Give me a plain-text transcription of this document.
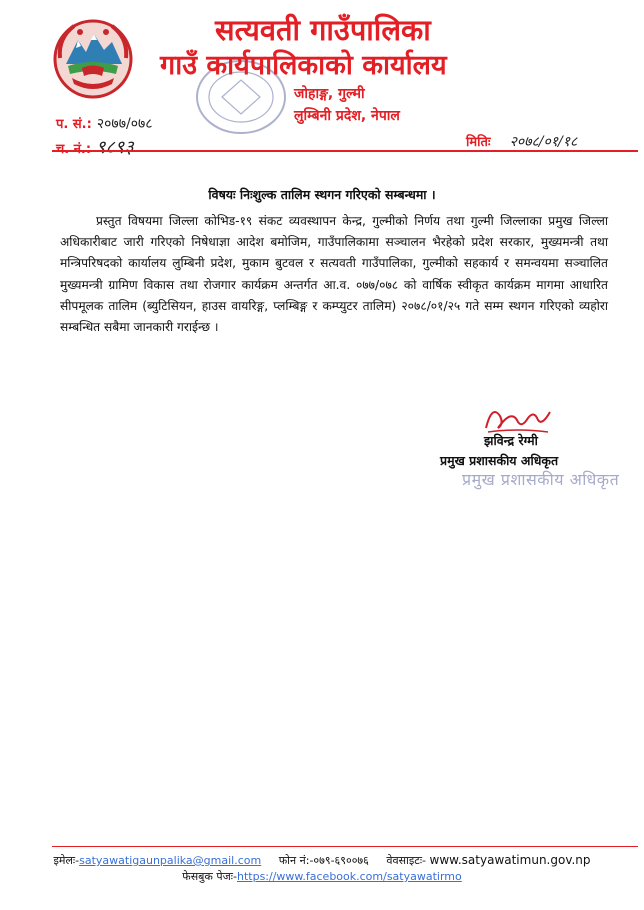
सत्यवती गाउँपालिका
गाउँ कार्यपालिकाको कार्यालय
जोहाङ्ग, गुल्मी
लुम्बिनी प्रदेश, नेपाल
प. सं.: २०७७/०७८
च. नं.: ९८९३	मितिः २०७८/०१/१८
विषयः निःशुल्क तालिम स्थगन गरिएको सम्बन्धमा ।
प्रस्तुत विषयमा जिल्ला कोभिड-१९ संकट व्यवस्थापन केन्द्र, गुल्मीको निर्णय तथा गुल्मी जिल्लाका प्रमुख जिल्ला अधिकारीबाट जारी गरिएको निषेधाज्ञा आदेश बमोजिम, गाउँपालिकामा सञ्चालन भैरहेको प्रदेश सरकार, मुख्यमन्त्री तथा मन्त्रिपरिषदको कार्यालय लुम्बिनी प्रदेश, मुकाम बुटवल र सत्यवती गाउँपालिका, गुल्मीको सहकार्य र समन्वयमा सञ्चालित मुख्यमन्त्री ग्रामिण विकास तथा रोजगार कार्यक्रम अन्तर्गत आ.व. ०७७/०७८ को वार्षिक स्वीकृत कार्यक्रम मागमा आधारित सीपमूलक तालिम (ब्युटिसियन, हाउस वायरिङ्ग, प्लम्बिङ्ग र कम्प्युटर तालिम) २०७८/०१/२५ गते सम्म स्थगन गरिएको व्यहोरा सम्बन्धित सबैमा जानकारी गराईन्छ ।
झविन्द्र रेग्मी
प्रमुख प्रशासकीय अधिकृत
प्रमुख प्रशासकीय अधिकृत
इमेलः-satyawatigaunpalika@gmail.com फोन नं:-०७९-६९००७६ वेवसाइटः- www.satyawatimun.gov.np
फेसबुक पेजः-https://www.facebook.com/satyawatirmo
